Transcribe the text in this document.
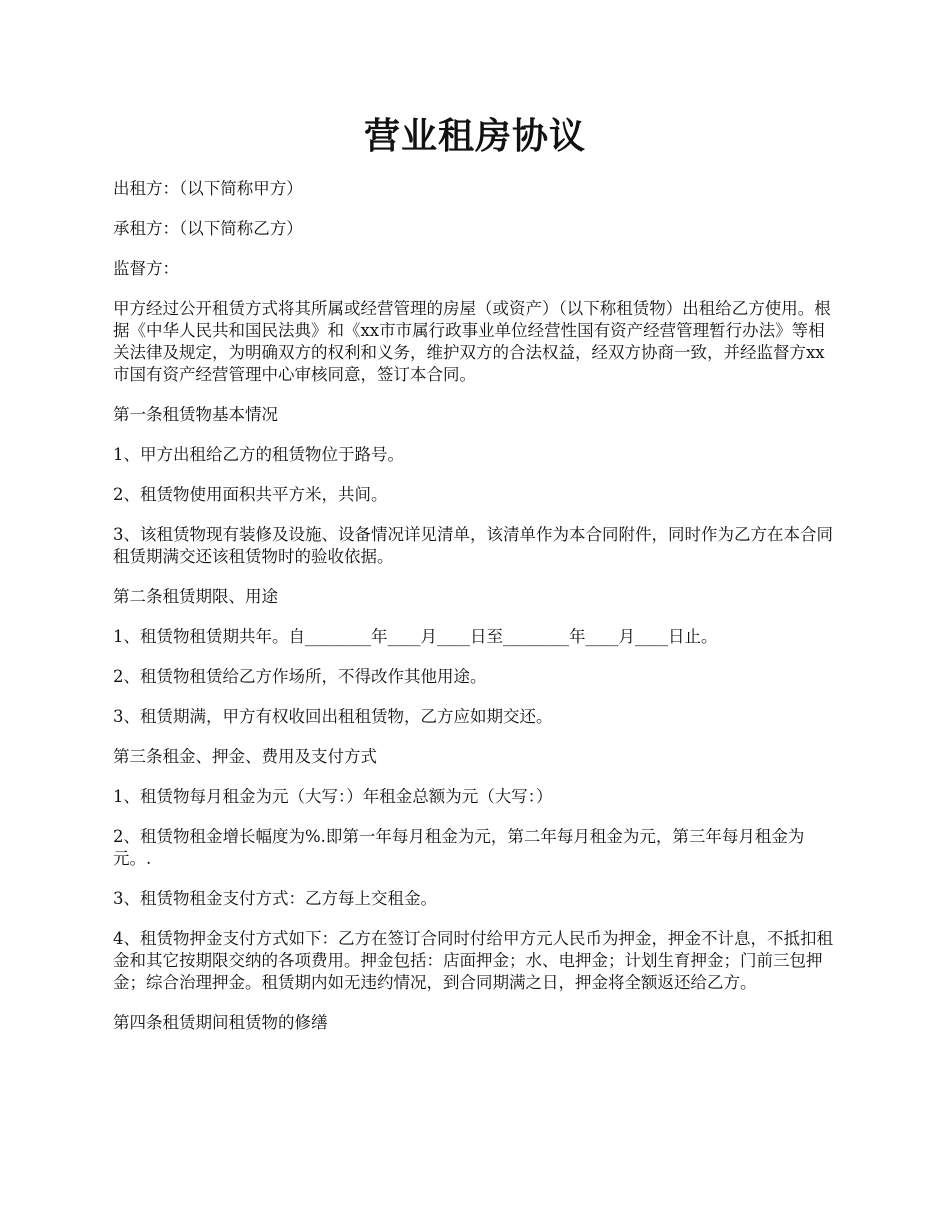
营业租房协议

出租方：（以下简称甲方）

承租方：（以下简称乙方）

监督方：

甲方经过公开租赁方式将其所属或经营管理的房屋（或资产）（以下称租赁物）出租给乙方使用。根据《中华人民共和国民法典》和《xx市市属行政事业单位经营性国有资产经营管理暂行办法》等相关法律及规定，为明确双方的权利和义务，维护双方的合法权益，经双方协商一致，并经监督方xx市国有资产经营管理中心审核同意，签订本合同。

第一条租赁物基本情况

1、甲方出租给乙方的租赁物位于路号。

2、租赁物使用面积共平方米，共间。

3、该租赁物现有装修及设施、设备情况详见清单，该清单作为本合同附件，同时作为乙方在本合同租赁期满交还该租赁物时的验收依据。

第二条租赁期限、用途

1、租赁物租赁期共年。自________年____月____日至________年____月____日止。

2、租赁物租赁给乙方作场所，不得改作其他用途。

3、租赁期满，甲方有权收回出租租赁物，乙方应如期交还。

第三条租金、押金、费用及支付方式

1、租赁物每月租金为元（大写：）年租金总额为元（大写：）

2、租赁物租金增长幅度为%.即第一年每月租金为元，第二年每月租金为元，第三年每月租金为元。.

3、租赁物租金支付方式：乙方每上交租金。

4、租赁物押金支付方式如下：乙方在签订合同时付给甲方元人民币为押金，押金不计息，不抵扣租金和其它按期限交纳的各项费用。押金包括：店面押金；水、电押金；计划生育押金；门前三包押金；综合治理押金。租赁期内如无违约情况，到合同期满之日，押金将全额返还给乙方。

第四条租赁期间租赁物的修缮
